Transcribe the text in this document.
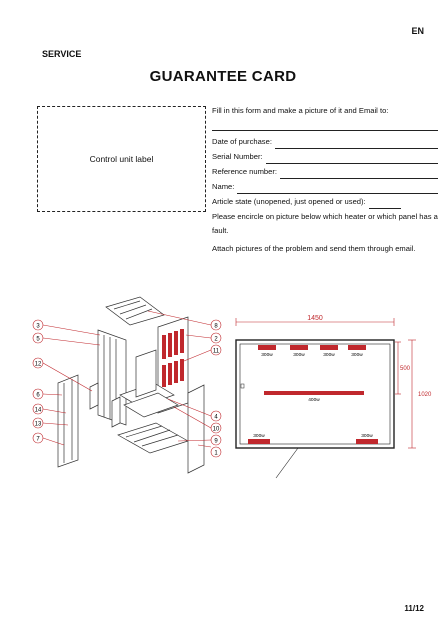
EN
SERVICE
GUARANTEE CARD
Control unit label
Fill in this form and make a picture of it and Email to:
Date of purchase:
Serial Number:
Reference number:
Name:
Article state (unopened, just opened or used):
Please encircle on picture below which heater or which panel has a fault.
Attach pictures of the problem and send them through email.
3
5
12
6
14
13
7
8
2
11
4
10
9
1
1450
1020
500
300w	300w	300w	300w
400w
300w	300w
11/12
